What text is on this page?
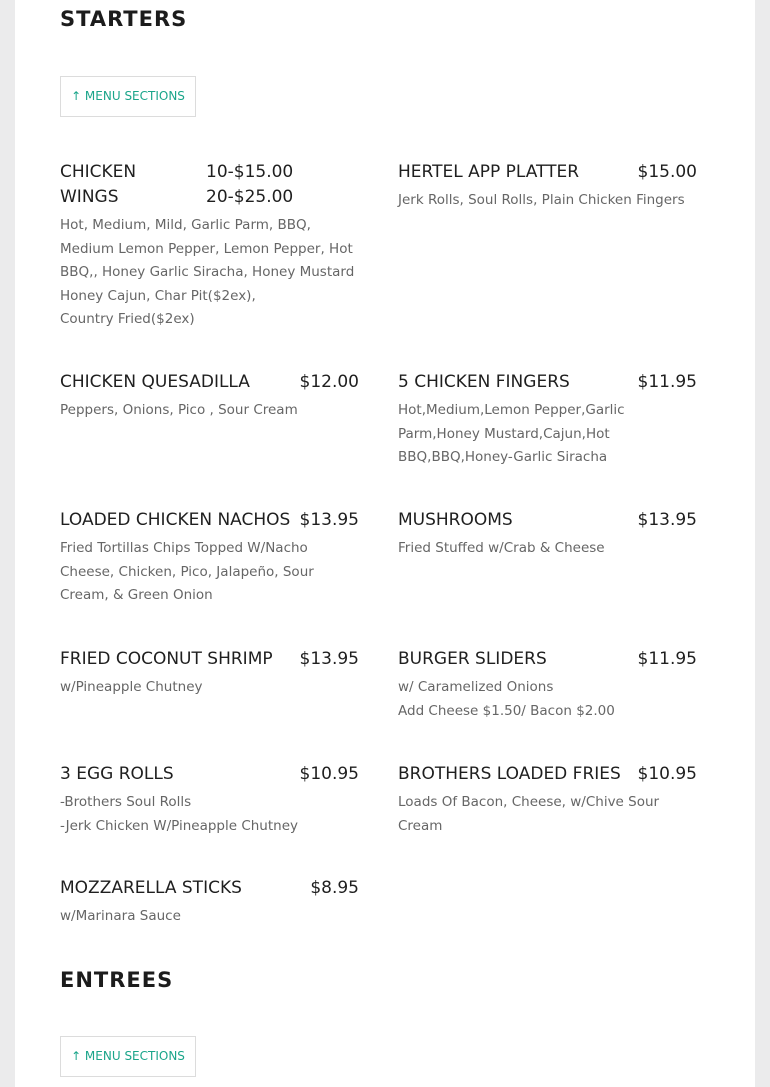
STARTERS
↑ MENU SECTIONS
CHICKEN
WINGS
10-$15.00
20-$25.00
Hot, Medium, Mild, Garlic Parm, BBQ, Medium Lemon Pepper, Lemon Pepper, Hot BBQ,, Honey Garlic Siracha, Honey Mustard
Honey Cajun, Char Pit($2ex), Country Fried($2ex)
HERTEL APP PLATTER	$15.00
Jerk Rolls, Soul Rolls, Plain Chicken Fingers
CHICKEN QUESADILLA	$12.00
Peppers, Onions, Pico , Sour Cream
5 CHICKEN FINGERS	$11.95
Hot,Medium,Lemon Pepper,Garlic Parm,Honey Mustard,Cajun,Hot BBQ,BBQ,Honey-Garlic Siracha
LOADED CHICKEN NACHOS $13.95
Fried Tortillas Chips Topped W/Nacho Cheese, Chicken, Pico, Jalapeño, Sour Cream, & Green Onion
MUSHROOMS	$13.95
Fried Stuffed w/Crab & Cheese
FRIED COCONUT SHRIMP	$13.95
w/Pineapple Chutney
BURGER SLIDERS	$11.95
w/ Caramelized Onions
Add Cheese $1.50/ Bacon $2.00
3 EGG ROLLS	$10.95
-Brothers Soul Rolls
-Jerk Chicken W/Pineapple Chutney
BROTHERS LOADED FRIES $10.95
Loads Of Bacon, Cheese, w/Chive Sour Cream
MOZZARELLA STICKS	$8.95
w/Marinara Sauce
ENTREES
↑ MENU SECTIONS
